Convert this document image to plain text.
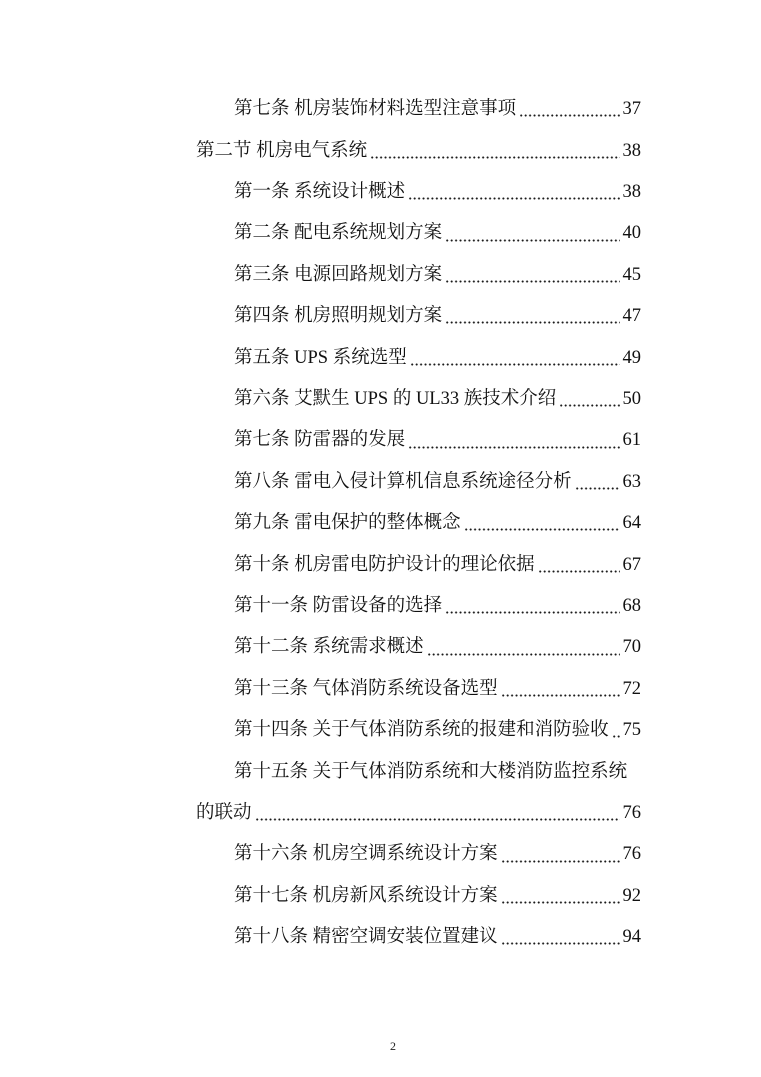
第七条 机房装饰材料选型注意事项	37
第二节 机房电气系统	38
第一条 系统设计概述	38
第二条 配电系统规划方案	40
第三条 电源回路规划方案	45
第四条 机房照明规划方案	47
第五条 UPS 系统选型	49
第六条 艾默生 UPS 的 UL33 族技术介绍	50
第七条 防雷器的发展	61
第八条 雷电入侵计算机信息系统途径分析	63
第九条 雷电保护的整体概念	64
第十条 机房雷电防护设计的理论依据	67
第十一条 防雷设备的选择	68
第十二条 系统需求概述	70
第十三条 气体消防系统设备选型	72
第十四条 关于气体消防系统的报建和消防验收 75
第十五条 关于气体消防系统和大楼消防监控系统
的联动	76
第十六条 机房空调系统设计方案	76
第十七条 机房新风系统设计方案	92
第十八条 精密空调安装位置建议	94
2
